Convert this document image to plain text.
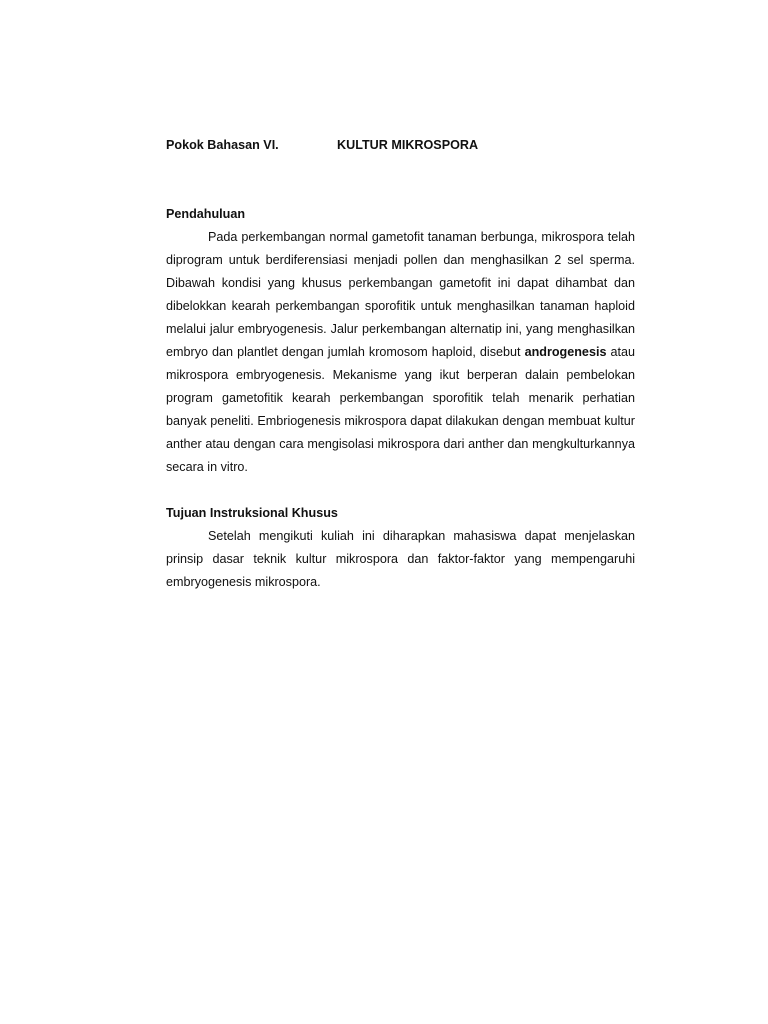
Pokok Bahasan VI.	KULTUR MIKROSPORA
Pendahuluan

Pada perkembangan normal gametofit tanaman berbunga, mikrospora telah diprogram untuk berdiferensiasi menjadi pollen dan menghasilkan 2 sel sperma. Dibawah kondisi yang khusus perkembangan gametofit ini dapat dihambat dan dibelokkan kearah perkembangan sporofitik untuk menghasilkan tanaman haploid melalui jalur embryogenesis. Jalur perkembangan alternatip ini, yang menghasilkan embryo dan plantlet dengan jumlah kromosom haploid, disebut androgenesis atau mikrospora embryogenesis. Mekanisme yang ikut berperan dalain pembelokan program gametofitik kearah perkembangan sporofitik telah menarik perhatian banyak peneliti. Embriogenesis mikrospora dapat dilakukan dengan membuat kultur anther atau dengan cara mengisolasi mikrospora dari anther dan mengkulturkannya secara in vitro.

Tujuan Instruksional Khusus

Setelah mengikuti kuliah ini diharapkan mahasiswa dapat menjelaskan prinsip dasar teknik kultur mikrospora dan faktor-faktor yang mempengaruhi embryogenesis mikrospora.
